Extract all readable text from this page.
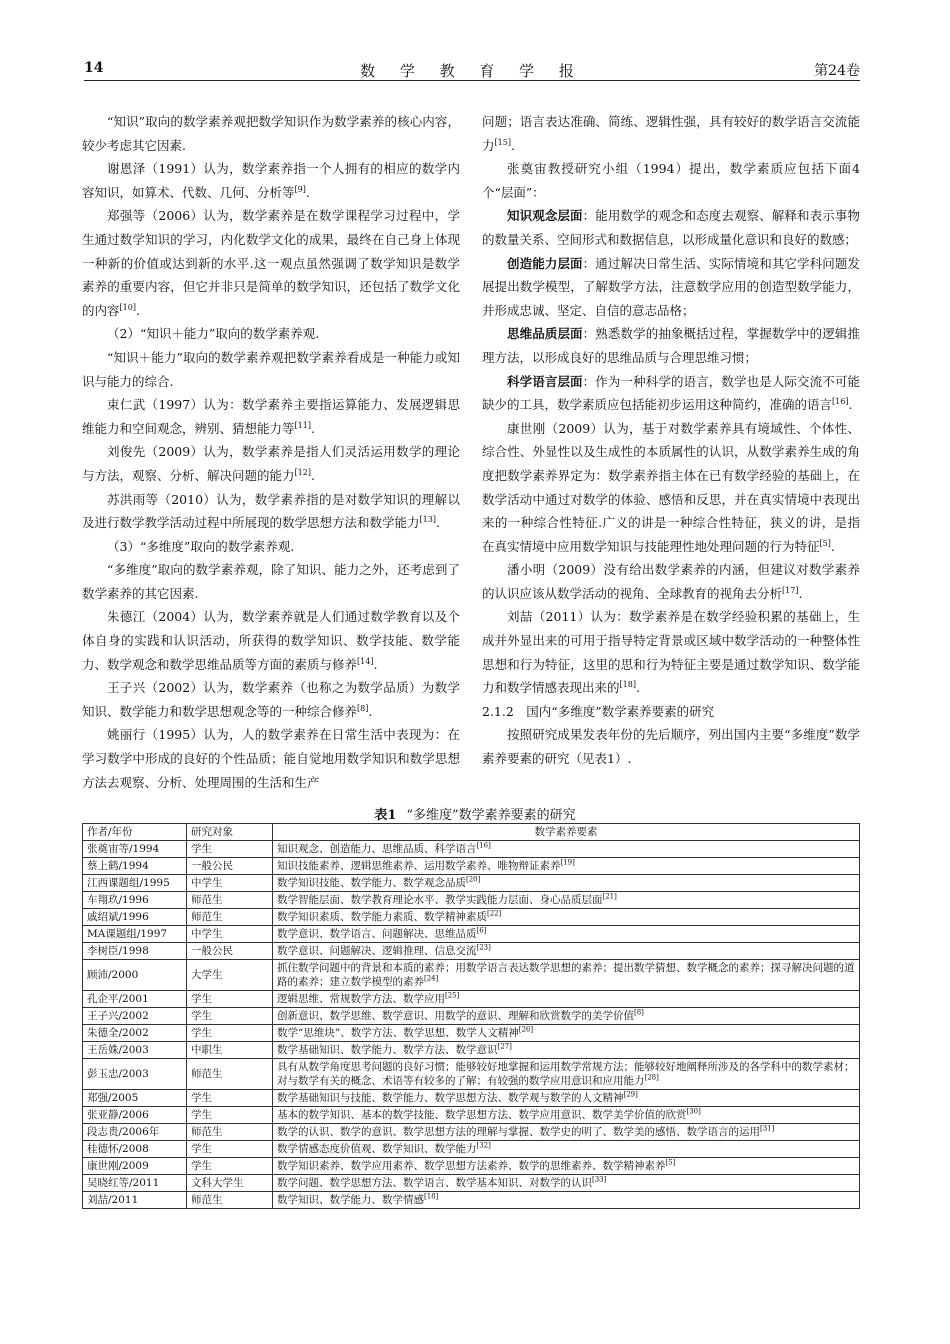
14	数 学 教 育 学 报	第24卷

“知识”取向的数学素养观把数学知识作为数学素养的核心内容，较少考虑其它因素.

谢恩泽（1991）认为，数学素养指一个人拥有的相应的数学内容知识，如算术、代数、几何、分析等[9].

郑强等（2006）认为，数学素养是在数学课程学习过程中，学生通过数学知识的学习，内化数学文化的成果，最终在自己身上体现一种新的价值或达到新的水平.这一观点虽然强调了数学知识是数学素养的重要内容，但它并非只是简单的数学知识，还包括了数学文化的内容[10].

（2）“知识＋能力”取向的数学素养观.

“知识＋能力”取向的数学素养观把数学素养看成是一种能力或知识与能力的综合.

束仁武（1997）认为：数学素养主要指运算能力、发展逻辑思维能力和空间观念，辨别、猜想能力等[11].

刘俊先（2009）认为，数学素养是指人们灵活运用数学的理论与方法，观察、分析、解决问题的能力[12].

苏洪雨等（2010）认为，数学素养指的是对数学知识的理解以及进行数学教学活动过程中所展现的数学思想方法和数学能力[13].

（3）“多维度”取向的数学素养观.

“多维度”取向的数学素养观，除了知识、能力之外，还考虑到了数学素养的其它因素.

朱德江（2004）认为，数学素养就是人们通过数学教育以及个体自身的实践和认识活动，所获得的数学知识、数学技能、数学能力、数学观念和数学思维品质等方面的素质与修养[14].

王子兴（2002）认为，数学素养（也称之为数学品质）为数学知识、数学能力和数学思想观念等的一种综合修养[8].

姚丽行（1995）认为，人的数学素养在日常生活中表现为：在学习数学中形成的良好的个性品质；能自觉地用数学知识和数学思想方法去观察、分析、处理周围的生活和生产

问题；语言表达准确、简练、逻辑性强，具有较好的数学语言交流能力[15].

张奠宙教授研究小组（1994）提出，数学素质应包括下面4个“层面”：

知识观念层面：能用数学的观念和态度去观察、解释和表示事物的数量关系、空间形式和数据信息，以形成量化意识和良好的数感；

创造能力层面：通过解决日常生活、实际情境和其它学科问题发展提出数学模型，了解数学方法，注意数学应用的创造型数学能力，并形成忠诚、坚定、自信的意志品格；

思维品质层面：熟悉数学的抽象概括过程，掌握数学中的逻辑推理方法，以形成良好的思维品质与合理思维习惯；

科学语言层面：作为一种科学的语言，数学也是人际交流不可能缺少的工具，数学素质应包括能初步运用这种简约，准确的语言[16].

康世刚（2009）认为，基于对数学素养具有境域性、个体性、综合性、外显性以及生成性的本质属性的认识，从数学素养生成的角度把数学素养界定为：数学素养指主体在已有数学经验的基础上，在数学活动中通过对数学的体验、感悟和反思，并在真实情境中表现出来的一种综合性特征.广义的讲是一种综合性特征，狭义的讲，是指在真实情境中应用数学知识与技能理性地处理问题的行为特征[5].

潘小明（2009）没有给出数学素养的内涵，但建议对数学素养的认识应该从数学活动的视角、全球教育的视角去分析[17].

刘喆（2011）认为：数学素养是在数学经验积累的基础上，生成并外显出来的可用于指导特定背景或区域中数学活动的一种整体性思想和行为特征，这里的思和行为特征主要是通过数学知识、数学能力和数学情感表现出来的[18].

2.1.2　国内“多维度”数学素养要素的研究

按照研究成果发表年份的先后顺序，列出国内主要“多维度”数学素养要素的研究（见表1）.

表1 “多维度”数学素养要素的研究
作者/年份	研究对象	数学素养要素
张奠宙等/1994	学生	知识观念、创造能力、思维品质、科学语言[16]
蔡上鹤/1994	一般公民	知识技能素养、逻辑思维素养、运用数学素养、唯物辩证素养[19]
江西课题组/1995	中学生	数学知识技能、数学能力、数学观念品质[20]
车翔玖/1996	师范生	数学智能层面、数学教育理论水平、教学实践能力层面、身心品质层面[21]
戚绍斌/1996	师范生	数学知识素质、数学能力素质、数学精神素质[22]
MA课题组/1997	中学生	数学意识、数学语言、问题解决、思维品质[6]
李树臣/1998	一般公民	数学意识、问题解决、逻辑推理、信息交流[23]
顾沛/2000	大学生	抓住数学问题中的背景和本质的素养；用数学语言表达数学思想的素养；提出数学猜想、数学概念的素养；探寻解决问题的道路的素养；建立数学模型的素养[24]
孔企平/2001	学生	逻辑思维、常规数学方法、数学应用[25]
王子兴/2002	学生	创新意识、数学思维、数学意识、用数学的意识、理解和欣赏数学的美学价值[8]
朱德全/2002	学生	数学“思维块”、数学方法、数学思想、数学人文精神[26]
王岳姝/2003	中职生	数学基础知识、数学能力、数学方法、数学意识[27]
彭玉忠/2003	师范生	具有从数学角度思考问题的良好习惯；能够较好地掌握和运用数学常规方法；能够较好地阐释所涉及的各学科中的数学素材；对与数学有关的概念、术语等有较多的了解；有较强的数学应用意识和应用能力[28]
郑强/2005	学生	数学基础知识与技能、数学能力、数学思想方法、数学观与数学的人文精神[29]
张亚静/2006	学生	基本的数学知识、基本的数学技能、数学思想方法、数学应用意识、数学美学价值的欣赏[30]
段志贵/2006年	师范生	数学的认识、数学的意识、数学思想方法的理解与掌握、数学史的明了、数学美的感悟、数学语言的运用[31]
桂德怀/2008	学生	数学情感态度价值观、数学知识、数学能力[32]
康世刚/2009	学生	数学知识素养、数学应用素养、数学思想方法素养、数学的思维素养、数学精神素养[5]
吴晓红等/2011	文科大学生	数学问题、数学思想方法、数学语言、数学基本知识、对数学的认识[33]
刘喆/2011	师范生	数学知识、数学能力、数学情感[18]
